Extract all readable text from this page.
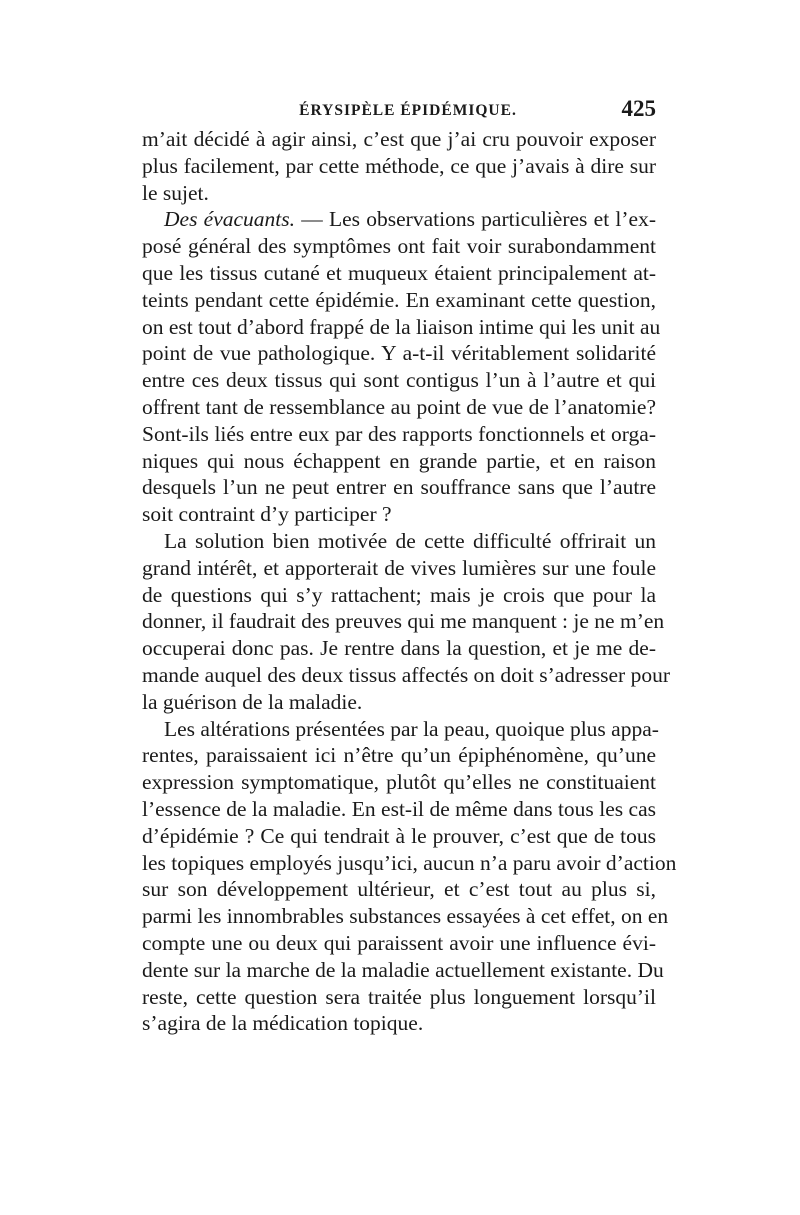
ÉRYSIPÈLE ÉPIDÉMIQUE.	425
m’ait décidé à agir ainsi, c’est que j’ai cru pouvoir exposer
plus facilement, par cette méthode, ce que j’avais à dire sur
le sujet.
Des évacuants. — Les observations particulières et l’ex-
posé général des symptômes ont fait voir surabondamment
que les tissus cutané et muqueux étaient principalement at-
teints pendant cette épidémie. En examinant cette question,
on est tout d’abord frappé de la liaison intime qui les unit au
point de vue pathologique. Y a-t-il véritablement solidarité
entre ces deux tissus qui sont contigus l’un à l’autre et qui
offrent tant de ressemblance au point de vue de l’anatomie?
Sont-ils liés entre eux par des rapports fonctionnels et orga-
niques qui nous échappent en grande partie, et en raison
desquels l’un ne peut entrer en souffrance sans que l’autre
soit contraint d’y participer ?
La solution bien motivée de cette difficulté offrirait un
grand intérêt, et apporterait de vives lumières sur une foule
de questions qui s’y rattachent; mais je crois que pour la
donner, il faudrait des preuves qui me manquent : je ne m’en
occuperai donc pas. Je rentre dans la question, et je me de-
mande auquel des deux tissus affectés on doit s’adresser pour
la guérison de la maladie.
Les altérations présentées par la peau, quoique plus appa-
rentes, paraissaient ici n’être qu’un épiphénomène, qu’une
expression symptomatique, plutôt qu’elles ne constituaient
l’essence de la maladie. En est-il de même dans tous les cas
d’épidémie ? Ce qui tendrait à le prouver, c’est que de tous
les topiques employés jusqu’ici, aucun n’a paru avoir d’action
sur son développement ultérieur, et c’est tout au plus si,
parmi les innombrables substances essayées à cet effet, on en
compte une ou deux qui paraissent avoir une influence évi-
dente sur la marche de la maladie actuellement existante. Du
reste, cette question sera traitée plus longuement lorsqu’il
s’agira de la médication topique.
